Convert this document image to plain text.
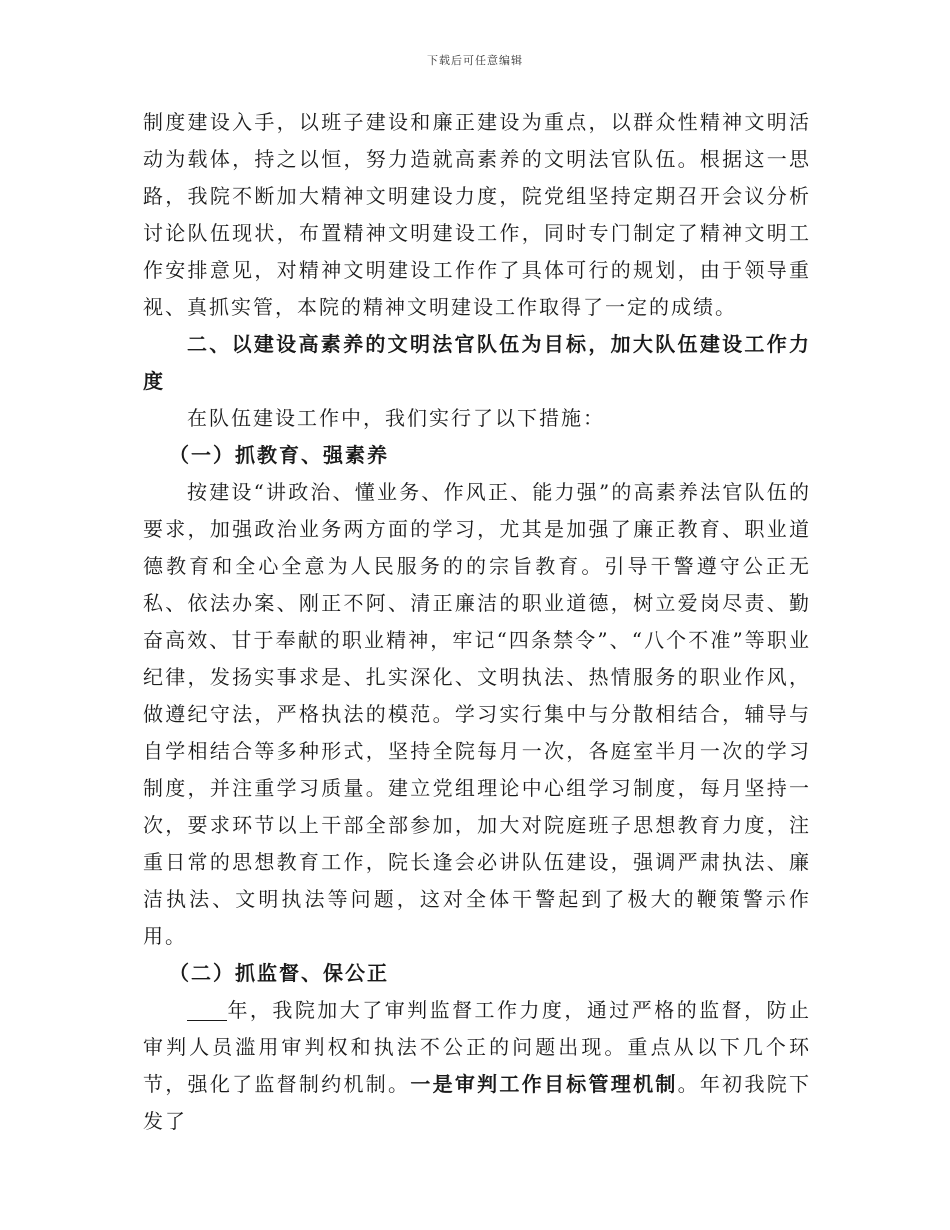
下载后可任意编辑

制度建设入手，以班子建设和廉正建设为重点，以群众性精神文明活动为载体，持之以恒，努力造就高素养的文明法官队伍。根据这一思路，我院不断加大精神文明建设力度，院党组坚持定期召开会议分析讨论队伍现状，布置精神文明建设工作，同时专门制定了精神文明工作安排意见，对精神文明建设工作作了具体可行的规划，由于领导重视、真抓实管，本院的精神文明建设工作取得了一定的成绩。

二、以建设高素养的文明法官队伍为目标，加大队伍建设工作力度

在队伍建设工作中，我们实行了以下措施：

（一）抓教育、强素养

按建设“讲政治、懂业务、作风正、能力强”的高素养法官队伍的要求，加强政治业务两方面的学习，尤其是加强了廉正教育、职业道德教育和全心全意为人民服务的的宗旨教育。引导干警遵守公正无私、依法办案、刚正不阿、清正廉洁的职业道德，树立爱岗尽责、勤奋高效、甘于奉献的职业精神，牢记“四条禁令”、“八个不准”等职业纪律，发扬实事求是、扎实深化、文明执法、热情服务的职业作风，做遵纪守法，严格执法的模范。学习实行集中与分散相结合，辅导与自学相结合等多种形式，坚持全院每月一次，各庭室半月一次的学习制度，并注重学习质量。建立党组理论中心组学习制度，每月坚持一次，要求环节以上干部全部参加，加大对院庭班子思想教育力度，注重日常的思想教育工作，院长逢会必讲队伍建设，强调严肃执法、廉洁执法、文明执法等问题，这对全体干警起到了极大的鞭策警示作用。

（二）抓监督、保公正

年，我院加大了审判监督工作力度，通过严格的监督，防止审判人员滥用审判权和执法不公正的问题出现。重点从以下几个环节，强化了监督制约机制。一是审判工作目标管理机制。年初我院下发了
